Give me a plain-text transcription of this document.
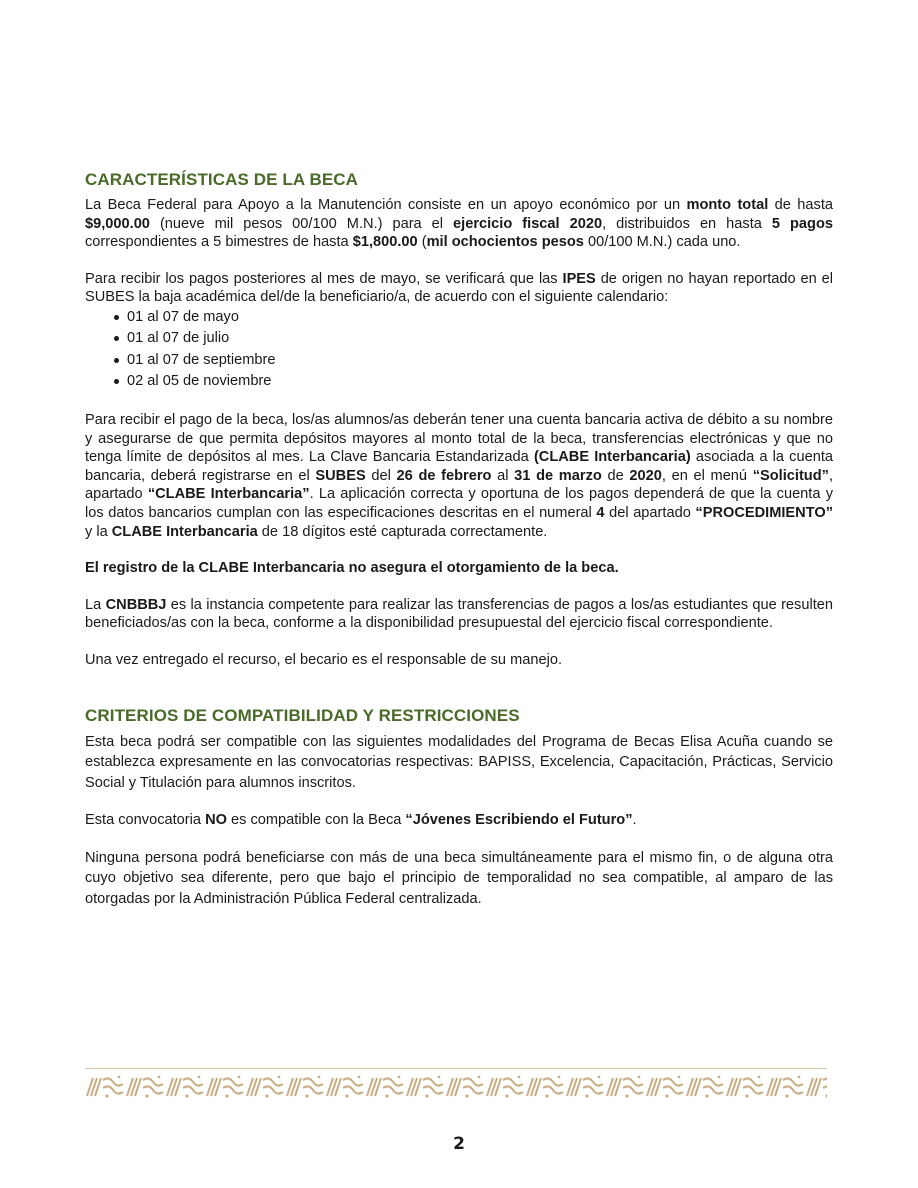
CARACTERÍSTICAS DE LA BECA

La Beca Federal para Apoyo a la Manutención consiste en un apoyo económico por un monto total de hasta $9,000.00 (nueve mil pesos 00/100 M.N.) para el ejercicio fiscal 2020, distribuidos en hasta 5 pagos correspondientes a 5 bimestres de hasta $1,800.00 (mil ochocientos pesos 00/100 M.N.) cada uno.

Para recibir los pagos posteriores al mes de mayo, se verificará que las IPES de origen no hayan reportado en el SUBES la baja académica del/de la beneficiario/a, de acuerdo con el siguiente calendario:

01 al 07 de mayo
01 al 07 de julio
01 al 07 de septiembre
02 al 05 de noviembre

Para recibir el pago de la beca, los/as alumnos/as deberán tener una cuenta bancaria activa de débito a su nombre y asegurarse de que permita depósitos mayores al monto total de la beca, transferencias electrónicas y que no tenga límite de depósitos al mes. La Clave Bancaria Estandarizada (CLABE Interbancaria) asociada a la cuenta bancaria, deberá registrarse en el SUBES del 26 de febrero al 31 de marzo de 2020, en el menú “Solicitud”, apartado “CLABE Interbancaria”. La aplicación correcta y oportuna de los pagos dependerá de que la cuenta y los datos bancarios cumplan con las especificaciones descritas en el numeral 4 del apartado “PROCEDIMIENTO” y la CLABE Interbancaria de 18 dígitos esté capturada correctamente.

El registro de la CLABE Interbancaria no asegura el otorgamiento de la beca.

La CNBBBJ es la instancia competente para realizar las transferencias de pagos a los/as estudiantes que resulten beneficiados/as con la beca, conforme a la disponibilidad presupuestal del ejercicio fiscal correspondiente.

Una vez entregado el recurso, el becario es el responsable de su manejo.

CRITERIOS DE COMPATIBILIDAD Y RESTRICCIONES

Esta beca podrá ser compatible con las siguientes modalidades del Programa de Becas Elisa Acuña cuando se establezca expresamente en las convocatorias respectivas: BAPISS, Excelencia, Capacitación, Prácticas, Servicio Social y Titulación para alumnos inscritos.

Esta convocatoria NO es compatible con la Beca “Jóvenes Escribiendo el Futuro”.

Ninguna persona podrá beneficiarse con más de una beca simultáneamente para el mismo fin, o de alguna otra cuyo objetivo sea diferente, pero que bajo el principio de temporalidad no sea compatible, al amparo de las otorgadas por la Administración Pública Federal centralizada.

2
